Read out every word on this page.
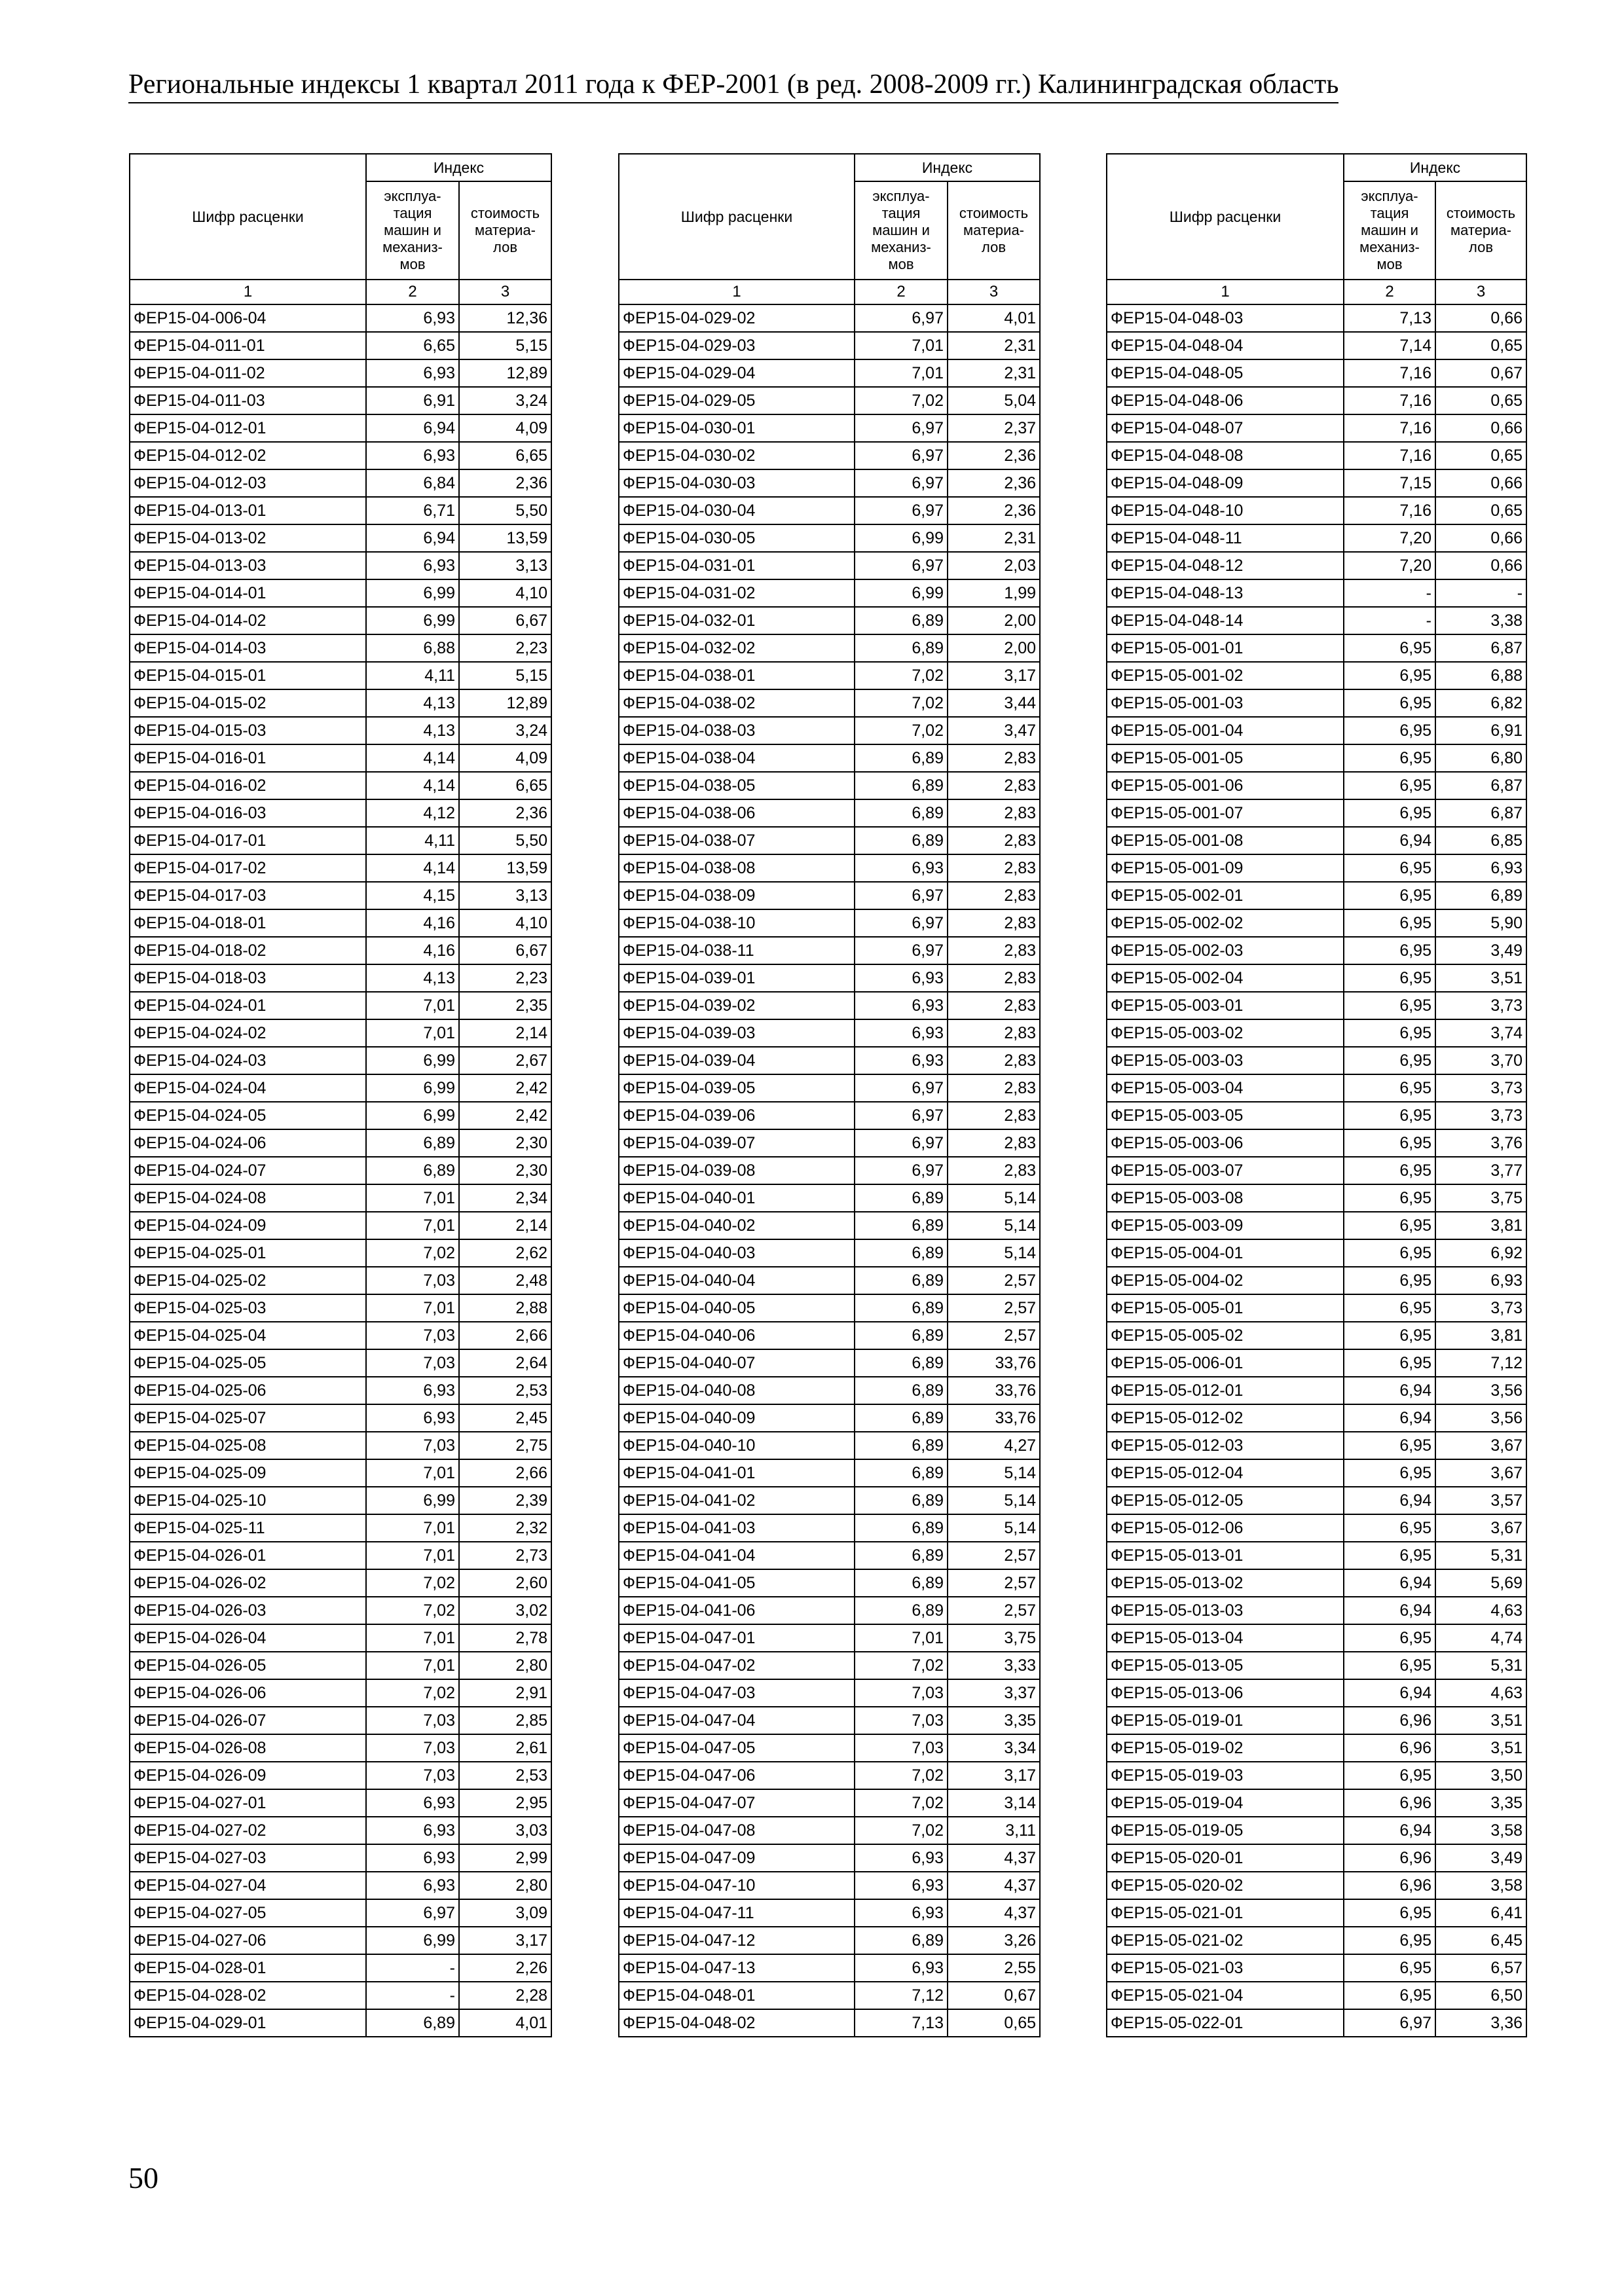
Региональные индексы 1 квартал 2011 года к ФЕР-2001 (в ред. 2008-2009 гг.) Калининградская область
Шифр расценки	Индекс	
	эксплуа-тация машин и механиз-мов	стоимость материа-лов
1	2	3
ФЕР15-04-006-04	6,93	12,36
ФЕР15-04-011-01	6,65	5,15
ФЕР15-04-011-02	6,93	12,89
ФЕР15-04-011-03	6,91	3,24
ФЕР15-04-012-01	6,94	4,09
ФЕР15-04-012-02	6,93	6,65
ФЕР15-04-012-03	6,84	2,36
ФЕР15-04-013-01	6,71	5,50
ФЕР15-04-013-02	6,94	13,59
ФЕР15-04-013-03	6,93	3,13
ФЕР15-04-014-01	6,99	4,10
ФЕР15-04-014-02	6,99	6,67
ФЕР15-04-014-03	6,88	2,23
ФЕР15-04-015-01	4,11	5,15
ФЕР15-04-015-02	4,13	12,89
ФЕР15-04-015-03	4,13	3,24
ФЕР15-04-016-01	4,14	4,09
ФЕР15-04-016-02	4,14	6,65
ФЕР15-04-016-03	4,12	2,36
ФЕР15-04-017-01	4,11	5,50
ФЕР15-04-017-02	4,14	13,59
ФЕР15-04-017-03	4,15	3,13
ФЕР15-04-018-01	4,16	4,10
ФЕР15-04-018-02	4,16	6,67
ФЕР15-04-018-03	4,13	2,23
ФЕР15-04-024-01	7,01	2,35
ФЕР15-04-024-02	7,01	2,14
ФЕР15-04-024-03	6,99	2,67
ФЕР15-04-024-04	6,99	2,42
ФЕР15-04-024-05	6,99	2,42
ФЕР15-04-024-06	6,89	2,30
ФЕР15-04-024-07	6,89	2,30
ФЕР15-04-024-08	7,01	2,34
ФЕР15-04-024-09	7,01	2,14
ФЕР15-04-025-01	7,02	2,62
ФЕР15-04-025-02	7,03	2,48
ФЕР15-04-025-03	7,01	2,88
ФЕР15-04-025-04	7,03	2,66
ФЕР15-04-025-05	7,03	2,64
ФЕР15-04-025-06	6,93	2,53
ФЕР15-04-025-07	6,93	2,45
ФЕР15-04-025-08	7,03	2,75
ФЕР15-04-025-09	7,01	2,66
ФЕР15-04-025-10	6,99	2,39
ФЕР15-04-025-11	7,01	2,32
ФЕР15-04-026-01	7,01	2,73
ФЕР15-04-026-02	7,02	2,60
ФЕР15-04-026-03	7,02	3,02
ФЕР15-04-026-04	7,01	2,78
ФЕР15-04-026-05	7,01	2,80
ФЕР15-04-026-06	7,02	2,91
ФЕР15-04-026-07	7,03	2,85
ФЕР15-04-026-08	7,03	2,61
ФЕР15-04-026-09	7,03	2,53
ФЕР15-04-027-01	6,93	2,95
ФЕР15-04-027-02	6,93	3,03
ФЕР15-04-027-03	6,93	2,99
ФЕР15-04-027-04	6,93	2,80
ФЕР15-04-027-05	6,97	3,09
ФЕР15-04-027-06	6,99	3,17
ФЕР15-04-028-01	-	2,26
ФЕР15-04-028-02	-	2,28
ФЕР15-04-029-01	6,89	4,01
Шифр расценки	Индекс	
	эксплуа-тация машин и механиз-мов	стоимость материа-лов
1	2	3
ФЕР15-04-029-02	6,97	4,01
ФЕР15-04-029-03	7,01	2,31
ФЕР15-04-029-04	7,01	2,31
ФЕР15-04-029-05	7,02	5,04
ФЕР15-04-030-01	6,97	2,37
ФЕР15-04-030-02	6,97	2,36
ФЕР15-04-030-03	6,97	2,36
ФЕР15-04-030-04	6,97	2,36
ФЕР15-04-030-05	6,99	2,31
ФЕР15-04-031-01	6,97	2,03
ФЕР15-04-031-02	6,99	1,99
ФЕР15-04-032-01	6,89	2,00
ФЕР15-04-032-02	6,89	2,00
ФЕР15-04-038-01	7,02	3,17
ФЕР15-04-038-02	7,02	3,44
ФЕР15-04-038-03	7,02	3,47
ФЕР15-04-038-04	6,89	2,83
ФЕР15-04-038-05	6,89	2,83
ФЕР15-04-038-06	6,89	2,83
ФЕР15-04-038-07	6,89	2,83
ФЕР15-04-038-08	6,93	2,83
ФЕР15-04-038-09	6,97	2,83
ФЕР15-04-038-10	6,97	2,83
ФЕР15-04-038-11	6,97	2,83
ФЕР15-04-039-01	6,93	2,83
ФЕР15-04-039-02	6,93	2,83
ФЕР15-04-039-03	6,93	2,83
ФЕР15-04-039-04	6,93	2,83
ФЕР15-04-039-05	6,97	2,83
ФЕР15-04-039-06	6,97	2,83
ФЕР15-04-039-07	6,97	2,83
ФЕР15-04-039-08	6,97	2,83
ФЕР15-04-040-01	6,89	5,14
ФЕР15-04-040-02	6,89	5,14
ФЕР15-04-040-03	6,89	5,14
ФЕР15-04-040-04	6,89	2,57
ФЕР15-04-040-05	6,89	2,57
ФЕР15-04-040-06	6,89	2,57
ФЕР15-04-040-07	6,89	33,76
ФЕР15-04-040-08	6,89	33,76
ФЕР15-04-040-09	6,89	33,76
ФЕР15-04-040-10	6,89	4,27
ФЕР15-04-041-01	6,89	5,14
ФЕР15-04-041-02	6,89	5,14
ФЕР15-04-041-03	6,89	5,14
ФЕР15-04-041-04	6,89	2,57
ФЕР15-04-041-05	6,89	2,57
ФЕР15-04-041-06	6,89	2,57
ФЕР15-04-047-01	7,01	3,75
ФЕР15-04-047-02	7,02	3,33
ФЕР15-04-047-03	7,03	3,37
ФЕР15-04-047-04	7,03	3,35
ФЕР15-04-047-05	7,03	3,34
ФЕР15-04-047-06	7,02	3,17
ФЕР15-04-047-07	7,02	3,14
ФЕР15-04-047-08	7,02	3,11
ФЕР15-04-047-09	6,93	4,37
ФЕР15-04-047-10	6,93	4,37
ФЕР15-04-047-11	6,93	4,37
ФЕР15-04-047-12	6,89	3,26
ФЕР15-04-047-13	6,93	2,55
ФЕР15-04-048-01	7,12	0,67
ФЕР15-04-048-02	7,13	0,65
Шифр расценки	Индекс	
	эксплуа-тация машин и механиз-мов	стоимость материа-лов
1	2	3
ФЕР15-04-048-03	7,13	0,66
ФЕР15-04-048-04	7,14	0,65
ФЕР15-04-048-05	7,16	0,67
ФЕР15-04-048-06	7,16	0,65
ФЕР15-04-048-07	7,16	0,66
ФЕР15-04-048-08	7,16	0,65
ФЕР15-04-048-09	7,15	0,66
ФЕР15-04-048-10	7,16	0,65
ФЕР15-04-048-11	7,20	0,66
ФЕР15-04-048-12	7,20	0,66
ФЕР15-04-048-13	-	-
ФЕР15-04-048-14	-	3,38
ФЕР15-05-001-01	6,95	6,87
ФЕР15-05-001-02	6,95	6,88
ФЕР15-05-001-03	6,95	6,82
ФЕР15-05-001-04	6,95	6,91
ФЕР15-05-001-05	6,95	6,80
ФЕР15-05-001-06	6,95	6,87
ФЕР15-05-001-07	6,95	6,87
ФЕР15-05-001-08	6,94	6,85
ФЕР15-05-001-09	6,95	6,93
ФЕР15-05-002-01	6,95	6,89
ФЕР15-05-002-02	6,95	5,90
ФЕР15-05-002-03	6,95	3,49
ФЕР15-05-002-04	6,95	3,51
ФЕР15-05-003-01	6,95	3,73
ФЕР15-05-003-02	6,95	3,74
ФЕР15-05-003-03	6,95	3,70
ФЕР15-05-003-04	6,95	3,73
ФЕР15-05-003-05	6,95	3,73
ФЕР15-05-003-06	6,95	3,76
ФЕР15-05-003-07	6,95	3,77
ФЕР15-05-003-08	6,95	3,75
ФЕР15-05-003-09	6,95	3,81
ФЕР15-05-004-01	6,95	6,92
ФЕР15-05-004-02	6,95	6,93
ФЕР15-05-005-01	6,95	3,73
ФЕР15-05-005-02	6,95	3,81
ФЕР15-05-006-01	6,95	7,12
ФЕР15-05-012-01	6,94	3,56
ФЕР15-05-012-02	6,94	3,56
ФЕР15-05-012-03	6,95	3,67
ФЕР15-05-012-04	6,95	3,67
ФЕР15-05-012-05	6,94	3,57
ФЕР15-05-012-06	6,95	3,67
ФЕР15-05-013-01	6,95	5,31
ФЕР15-05-013-02	6,94	5,69
ФЕР15-05-013-03	6,94	4,63
ФЕР15-05-013-04	6,95	4,74
ФЕР15-05-013-05	6,95	5,31
ФЕР15-05-013-06	6,94	4,63
ФЕР15-05-019-01	6,96	3,51
ФЕР15-05-019-02	6,96	3,51
ФЕР15-05-019-03	6,95	3,50
ФЕР15-05-019-04	6,96	3,35
ФЕР15-05-019-05	6,94	3,58
ФЕР15-05-020-01	6,96	3,49
ФЕР15-05-020-02	6,96	3,58
ФЕР15-05-021-01	6,95	6,41
ФЕР15-05-021-02	6,95	6,45
ФЕР15-05-021-03	6,95	6,57
ФЕР15-05-021-04	6,95	6,50
ФЕР15-05-022-01	6,97	3,36
50
